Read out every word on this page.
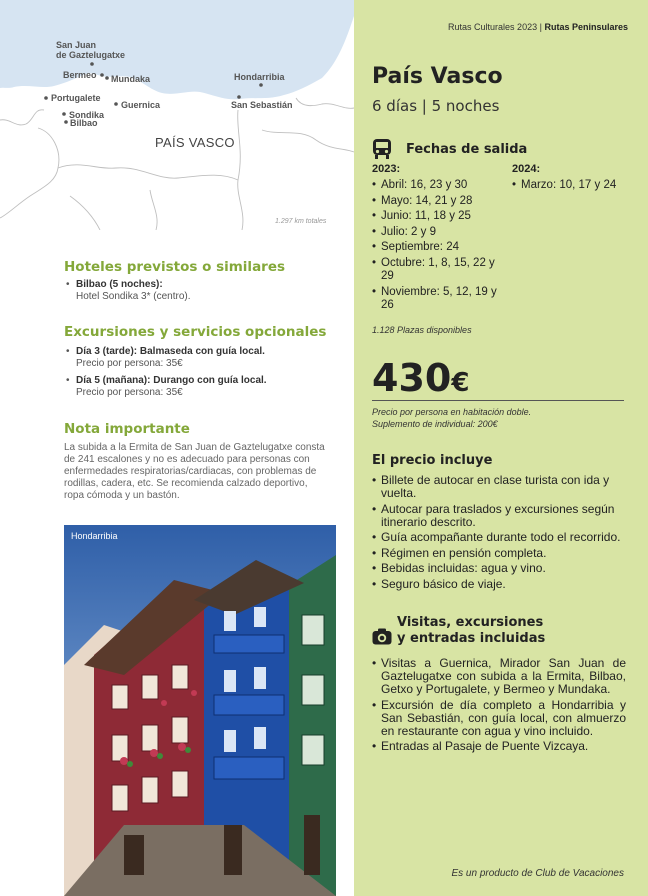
San Juan
de Gaztelugatxe
Bermeo Mundaka	Hondarribia
Portugalete
Guernica	San Sebastián
Sondika
Bilbao
PAÍS VASCO
1.297 km totales
Hoteles previstos o similares
• Bilbao (5 noches):
Hotel Sondika 3* (centro).
Excursiones y servicios opcionales
• Día 3 (tarde): Balmaseda con guía local.
Precio por persona: 35€
• Día 5 (mañana): Durango con guía local.
Precio por persona: 35€
Nota importante
La subida a la Ermita de San Juan de Gaztelugatxe consta de 241 escalones y no es adecuado para personas con enfermedades respiratorias/cardiacas, con problemas de rodillas, cadera, etc. Se recomienda calzado deportivo, ropa cómoda y un bastón.
Hondarribia
Rutas Culturales 2023 | Rutas Peninsulares
País Vasco
6 días | 5 noches
Fechas de salida
2023:
• Abril: 16, 23 y 30
• Mayo: 14, 21 y 28
• Junio: 11, 18 y 25
• Julio: 2 y 9
• Septiembre: 24
• Octubre: 1, 8, 15, 22 y 29
• Noviembre: 5, 12, 19 y 26
2024:
• Marzo: 10, 17 y 24
1.128 Plazas disponibles
430€
Precio por persona en habitación doble.
Suplemento de individual: 200€
El precio incluye
• Billete de autocar en clase turista con ida y vuelta.
• Autocar para traslados y excursiones según itinerario descrito.
• Guía acompañante durante todo el recorrido.
• Régimen en pensión completa.
• Bebidas incluidas: agua y vino.
• Seguro básico de viaje.
Visitas, excursiones
y entradas incluidas
• Visitas a Guernica, Mirador San Juan de Gaztelugatxe con subida a la Ermita, Bilbao, Getxo y Portugalete, y Bermeo y Mundaka.
• Excursión de día completo a Hondarribia y San Sebastián, con guía local, con almuerzo en restaurante con agua y vino incluido.
• Entradas al Pasaje de Puente Vizcaya.
Es un producto de Club de Vacaciones
